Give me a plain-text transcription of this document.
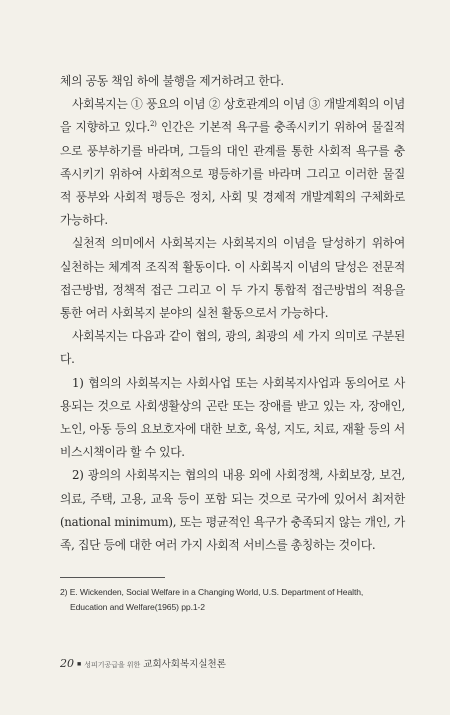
체의 공동 책임 하에 불행을 제거하려고 한다.

사회복지는 ① 풍요의 이념 ② 상호관계의 이념 ③ 개발계획의 이념을 지향하고 있다.$^{2)}$ 인간은 기본적 욕구를 충족시키기 위하여 물질적으로 풍부하기를 바라며, 그들의 대인 관계를 통한 사회적 욕구를 충족시키기 위하여 사회적으로 평등하기를 바라며 그리고 이러한 물질적 풍부와 사회적 평등은 정치, 사회 및 경제적 개발계획의 구체화로 가능하다.

실천적 의미에서 사회복지는 사회복지의 이념을 달성하기 위하여 실천하는 체계적 조직적 활동이다. 이 사회복지 이념의 달성은 전문적 접근방법, 정책적 접근 그리고 이 두 가지 통합적 접근방법의 적용을 통한 여러 사회복지 분야의 실천 활동으로서 가능하다.

사회복지는 다음과 같이 협의, 광의, 최광의 세 가지 의미로 구분된다.

1) 협의의 사회복지는 사회사업 또는 사회복지사업과 동의어로 사용되는 것으로 사회생활상의 곤란 또는 장애를 받고 있는 자, 장애인, 노인, 아동 등의 요보호자에 대한 보호, 육성, 지도, 치료, 재활 등의 서비스시책이라 할 수 있다.

2) 광의의 사회복지는 협의의 내용 외에 사회정책, 사회보장, 보건, 의료, 주택, 고용, 교육 등이 포함 되는 것으로 국가에 있어서 최저한(national minimum), 또는 평균적인 욕구가 충족되지 않는 개인, 가족, 집단 등에 대한 여러 가지 사회적 서비스를 총칭하는 것이다.

2) E. Wickenden, Social Welfare in a Changing World, U.S. Department of Health,
Education and Welfare(1965) pp.1-2
20 ■ 성피기공급을 위한 교회사회복지실천론
